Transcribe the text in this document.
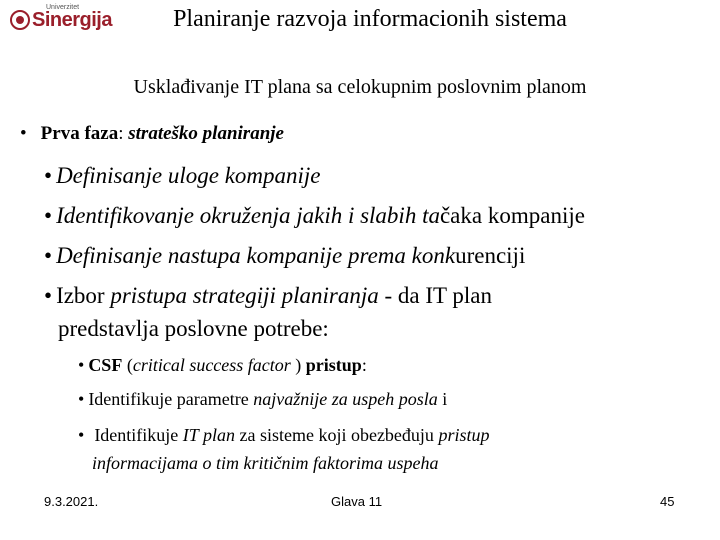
Univerzitet
Sinergija	Planiranje razvoja informacionih sistema
Usklađivanje IT plana sa celokupnim poslovnim planom
• Prva faza: strateško planiranje
• Definisanje uloge kompanije
• Identifikovanje okruženja jakih i slabih tačaka kompanije
• Definisanje nastupa kompanije prema konkurenciji
• Izbor pristupa strategiji planiranja - da IT plan
predstavlja poslovne potrebe:
• CSF (critical success factor ) pristup:
• Identifikuje parametre najvažnije za uspeh posla i
• Identifikuje IT plan za sisteme koji obezbeđuju pristup
informacijama o tim kritičnim faktorima uspeha
9.3.2021.	Glava 11	45
